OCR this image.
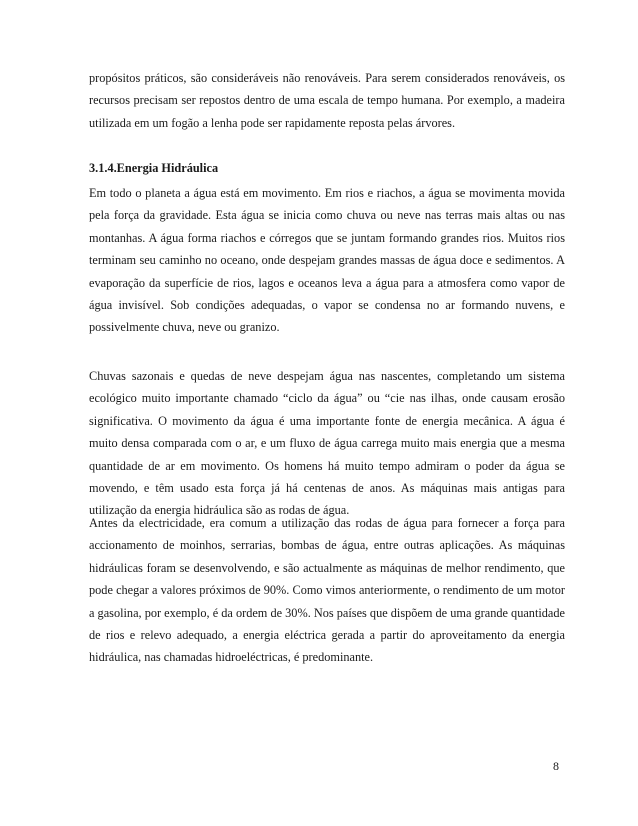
propósitos práticos, são consideráveis não renováveis. Para serem considerados renováveis, os recursos precisam ser repostos dentro de uma escala de tempo humana. Por exemplo, a madeira utilizada em um fogão a lenha pode ser rapidamente reposta pelas árvores.

3.1.4.Energia Hidráulica

Em todo o planeta a água está em movimento. Em rios e riachos, a água se movimenta movida pela força da gravidade. Esta água se inicia como chuva ou neve nas terras mais altas ou nas montanhas. A água forma riachos e córregos que se juntam formando grandes rios. Muitos rios terminam seu caminho no oceano, onde despejam grandes massas de água doce e sedimentos. A evaporação da superfície de rios, lagos e oceanos leva a água para a atmosfera como vapor de água invisível. Sob condições adequadas, o vapor se condensa no ar formando nuvens, e possivelmente chuva, neve ou granizo.

Chuvas sazonais e quedas de neve despejam água nas nascentes, completando um sistema ecológico muito importante chamado “ciclo da água” ou “cie nas ilhas, onde causam erosão significativa. O movimento da água é uma importante fonte de energia mecânica. A água é muito densa comparada com o ar, e um fluxo de água carrega muito mais energia que a mesma quantidade de ar em movimento. Os homens há muito tempo admiram o poder da água se movendo, e têm usado esta força já há centenas de anos. As máquinas mais antigas para utilização da energia hidráulica são as rodas de água.

Antes da electricidade, era comum a utilização das rodas de água para fornecer a força para accionamento de moinhos, serrarias, bombas de água, entre outras aplicações. As máquinas hidráulicas foram se desenvolvendo, e são actualmente as máquinas de melhor rendimento, que pode chegar a valores próximos de 90%. Como vimos anteriormente, o rendimento de um motor a gasolina, por exemplo, é da ordem de 30%. Nos países que dispõem de uma grande quantidade de rios e relevo adequado, a energia eléctrica gerada a partir do aproveitamento da energia hidráulica, nas chamadas hidroeléctricas, é predominante.

8
